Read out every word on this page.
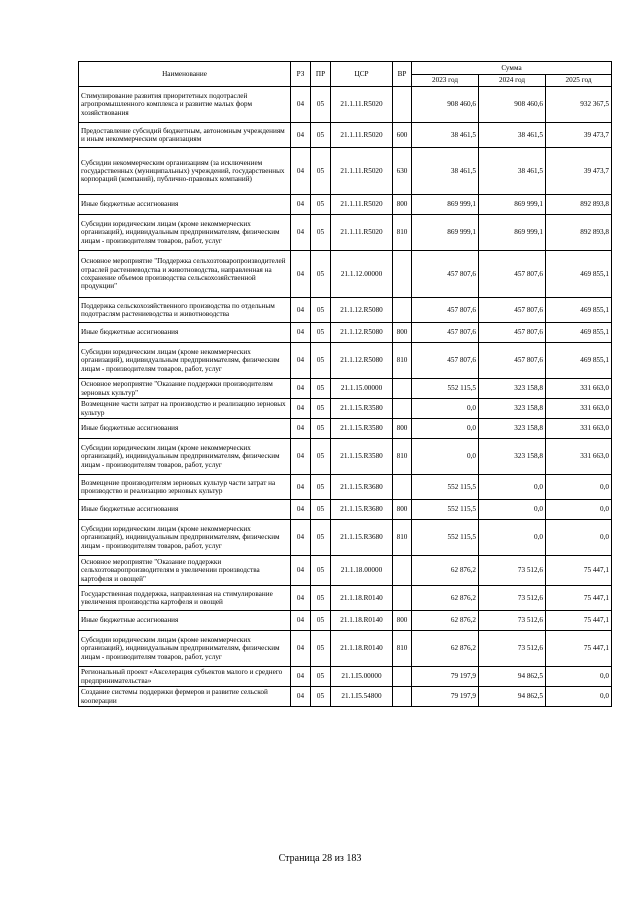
Наименование	РЗ	ПР	ЦСР	ВР	Сумма		
					2023 год	2024 год	2025 год
Стимулирование развития приоритетных подотраслей агропромышленного комплекса и развитие малых форм хозяйствования	04	05	21.1.11.R5020		908 460,6	908 460,6	932 367,5
Предоставление субсидий бюджетным, автономным учреждениям и иным некоммерческим организациям	04	05	21.1.11.R5020	600	38 461,5	38 461,5	39 473,7
Субсидии некоммерческим организациям (за исключением государственных (муниципальных) учреждений, государственных корпораций (компаний), публично-правовых компаний)	04	05	21.1.11.R5020	630	38 461,5	38 461,5	39 473,7
Иные бюджетные ассигнования	04	05	21.1.11.R5020	800	869 999,1	869 999,1	892 893,8
Субсидии юридическим лицам (кроме некоммерческих организаций), индивидуальным предпринимателям, физическим лицам - производителям товаров, работ, услуг	04	05	21.1.11.R5020	810	869 999,1	869 999,1	892 893,8
Основное мероприятие "Поддержка сельхозтоваропроизводителей отраслей растениеводства и животноводства, направленная на сохранение объемов производства сельскохозяйственной продукции"	04	05	21.1.12.00000		457 807,6	457 807,6	469 855,1
Поддержка сельскохозяйственного производства по отдельным подотраслям растениеводства и животноводства	04	05	21.1.12.R5080		457 807,6	457 807,6	469 855,1
Иные бюджетные ассигнования	04	05	21.1.12.R5080	800	457 807,6	457 807,6	469 855,1
Субсидии юридическим лицам (кроме некоммерческих организаций), индивидуальным предпринимателям, физическим лицам - производителям товаров, работ, услуг	04	05	21.1.12.R5080	810	457 807,6	457 807,6	469 855,1
Основное мероприятие "Оказание поддержки производителям зерновых культур"	04	05	21.1.15.00000		552 115,5	323 158,8	331 663,0
Возмещение части затрат на производство и реализацию зерновых культур	04	05	21.1.15.R3580		0,0	323 158,8	331 663,0
Иные бюджетные ассигнования	04	05	21.1.15.R3580	800	0,0	323 158,8	331 663,0
Субсидии юридическим лицам (кроме некоммерческих организаций), индивидуальным предпринимателям, физическим лицам - производителям товаров, работ, услуг	04	05	21.1.15.R3580	810	0,0	323 158,8	331 663,0
Возмещение производителям зерновых культур части затрат на производство и реализацию зерновых культур	04	05	21.1.15.R3680		552 115,5	0,0	0,0
Иные бюджетные ассигнования	04	05	21.1.15.R3680	800	552 115,5	0,0	0,0
Субсидии юридическим лицам (кроме некоммерческих организаций), индивидуальным предпринимателям, физическим лицам - производителям товаров, работ, услуг	04	05	21.1.15.R3680	810	552 115,5	0,0	0,0
Основное мероприятие "Оказание поддержки сельхозтоваропроизводителям в увеличении производства картофеля и овощей"	04	05	21.1.18.00000		62 876,2	73 512,6	75 447,1
Государственная поддержка, направленная на стимулирование увеличения производства картофеля и овощей	04	05	21.1.18.R0140		62 876,2	73 512,6	75 447,1
Иные бюджетные ассигнования	04	05	21.1.18.R0140	800	62 876,2	73 512,6	75 447,1
Субсидии юридическим лицам (кроме некоммерческих организаций), индивидуальным предпринимателям, физическим лицам - производителям товаров, работ, услуг	04	05	21.1.18.R0140	810	62 876,2	73 512,6	75 447,1
Региональный проект «Акселерация субъектов малого и среднего предпринимательства»	04	05	21.1.I5.00000		79 197,9	94 862,5	0,0
Создание системы поддержки фермеров и развитие сельской кооперации	04	05	21.1.I5.54800		79 197,9	94 862,5	0,0
Страница 28 из 183
